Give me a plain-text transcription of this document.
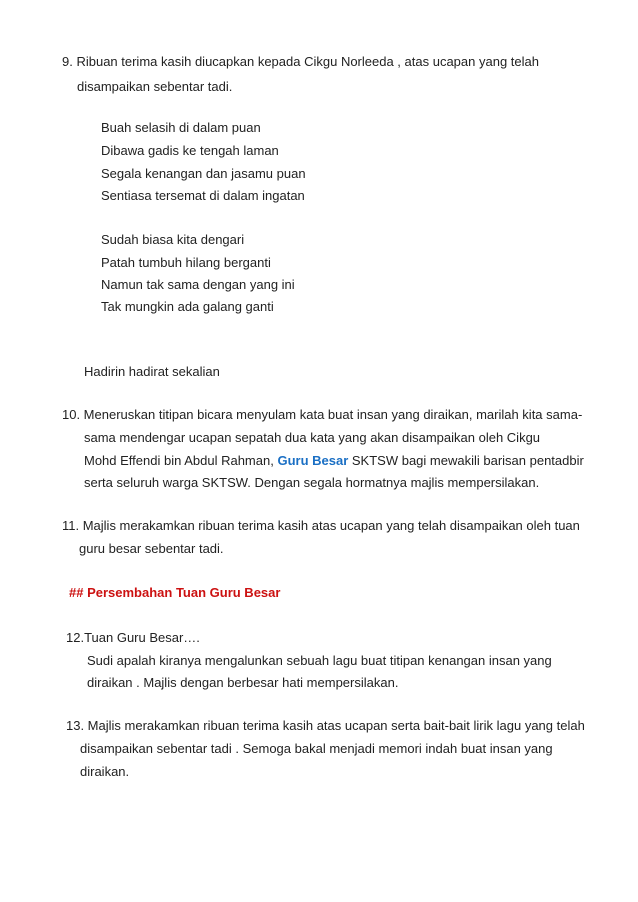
9. Ribuan terima kasih diucapkan kepada Cikgu Norleeda , atas ucapan yang telah
disampaikan sebentar tadi.
Buah selasih di dalam puan
Dibawa gadis ke tengah laman
Segala kenangan dan jasamu puan
Sentiasa tersemat di dalam ingatan
Sudah biasa kita dengari
Patah tumbuh hilang berganti
Namun tak sama dengan yang ini
Tak mungkin ada galang ganti
Hadirin hadirat sekalian
10. Meneruskan titipan bicara menyulam kata buat insan yang diraikan, marilah kita sama-
sama mendengar ucapan sepatah dua kata yang akan disampaikan oleh Cikgu
Mohd Effendi bin Abdul Rahman, Guru Besar SKTSW bagi mewakili barisan pentadbir
serta seluruh warga SKTSW. Dengan segala hormatnya majlis mempersilakan.
11. Majlis merakamkan ribuan terima kasih atas ucapan yang telah disampaikan oleh tuan
guru besar sebentar tadi.
## Persembahan Tuan Guru Besar
12.Tuan Guru Besar….
Sudi apalah kiranya mengalunkan sebuah lagu buat titipan kenangan insan yang
diraikan . Majlis dengan berbesar hati mempersilakan.
13. Majlis merakamkan ribuan terima kasih atas ucapan serta bait-bait lirik lagu yang telah
disampaikan sebentar tadi . Semoga bakal menjadi memori indah buat insan yang
diraikan.
